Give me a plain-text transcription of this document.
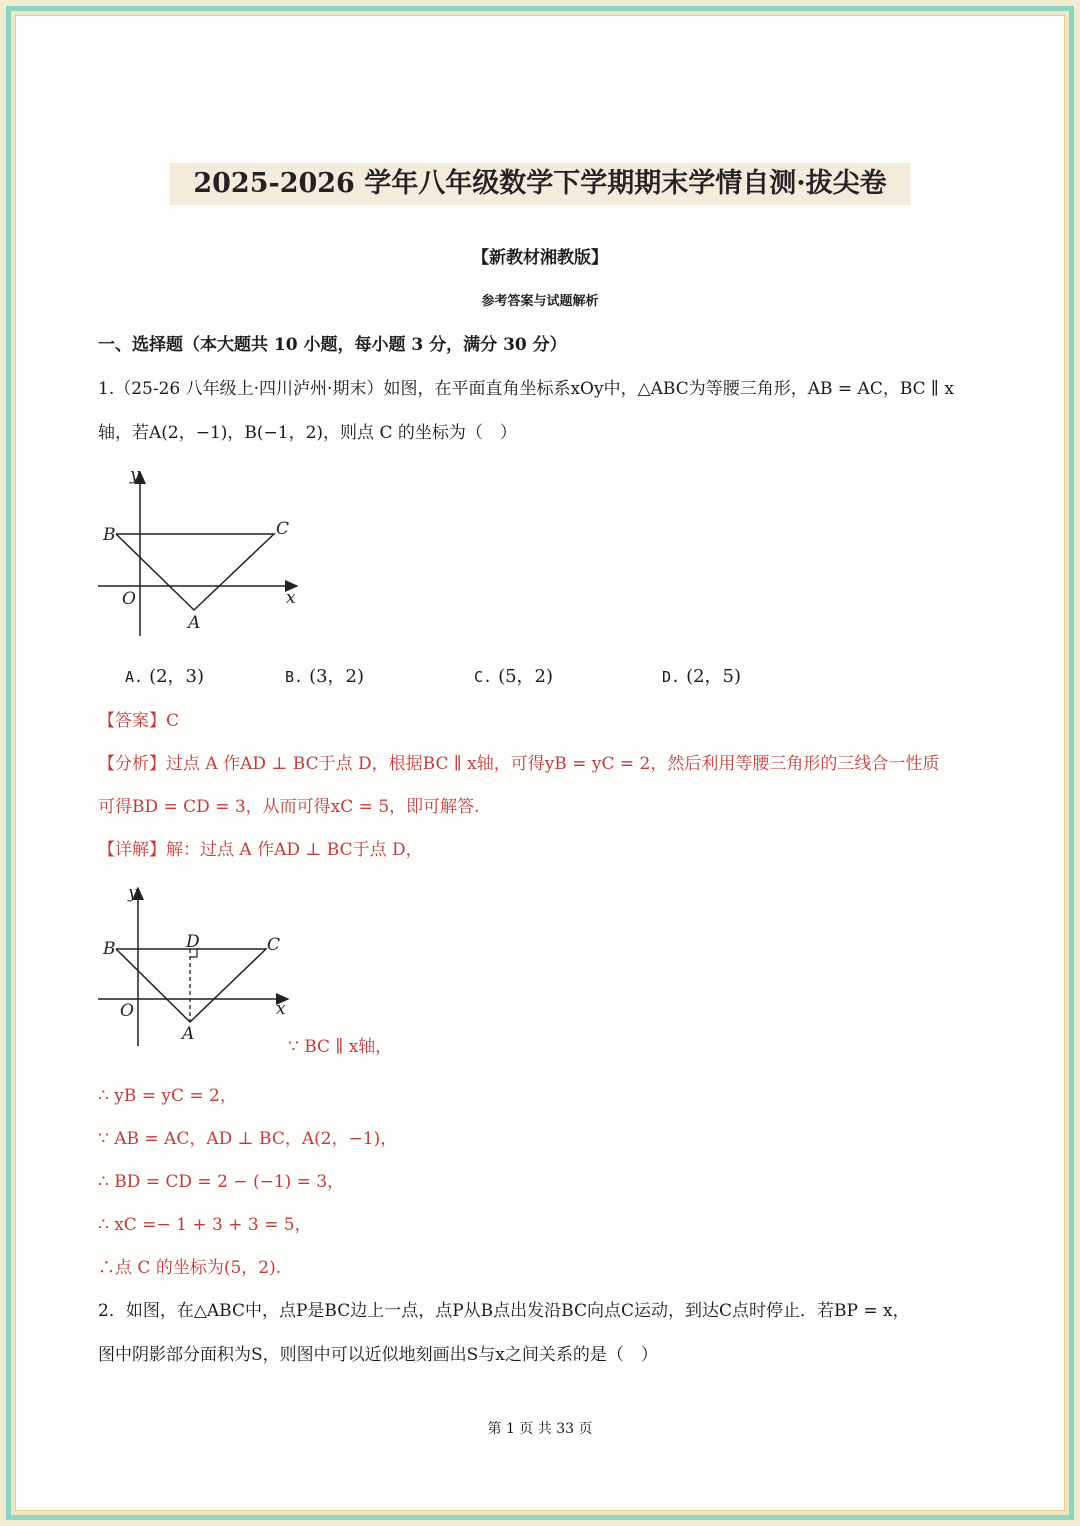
2025-2026 学年八年级数学下学期期末学情自测·拔尖卷
【新教材湘教版】
参考答案与试题解析
一、选择题（本大题共 10 小题，每小题 3 分，满分 30 分）
1.（25-26 八年级上·四川泸州·期末）如图，在平面直角坐标系xOy中，△ABC为等腰三角形，AB = AC，BC ∥ x
轴，若A(2，−1)，B(−1，2)，则点 C 的坐标为（　）
y
x
B	C
O
A
A. (2，3)	B. (3，2)	C. (5，2)	D. (2，5)
【答案】C
【分析】过点 A 作AD ⊥ BC于点 D，根据BC ∥ x轴，可得yB = yC = 2，然后利用等腰三角形的三线合一性质
可得BD = CD = 3，从而可得xC = 5，即可解答.
【详解】解：过点 A 作AD ⊥ BC于点 D，
y
x
B	C
D
O
A
∵ BC ∥ x轴，
∴ yB = yC = 2，
∵ AB = AC，AD ⊥ BC，A(2，−1)，
∴ BD = CD = 2 − (−1) = 3，
∴ xC =− 1 + 3 + 3 = 5，
∴点 C 的坐标为(5，2).
2．如图，在△ABC中，点P是BC边上一点，点P从B点出发沿BC向点C运动，到达C点时停止．若BP = x，
图中阴影部分面积为S，则图中可以近似地刻画出S与x之间关系的是（　）
第 1 页 共 33 页
